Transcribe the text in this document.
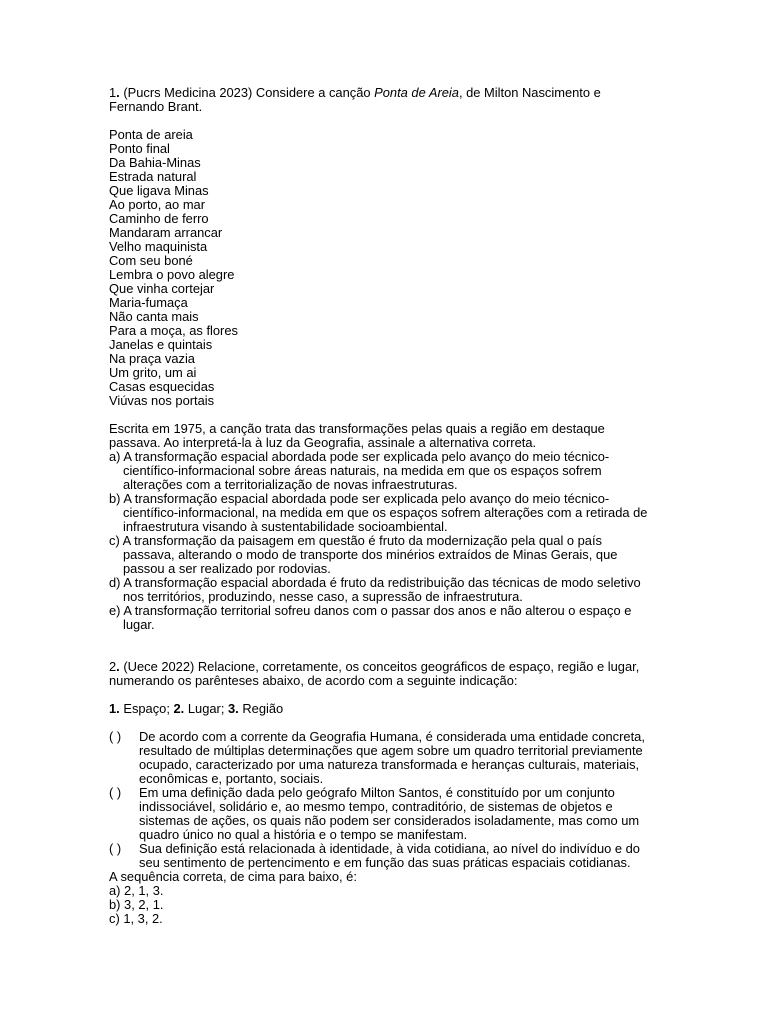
1. (Pucrs Medicina 2023) Considere a canção Ponta de Areia, de Milton Nascimento e Fernando Brant.

Ponta de areia
Ponto final
Da Bahia-Minas
Estrada natural
Que ligava Minas
Ao porto, ao mar
Caminho de ferro
Mandaram arrancar
Velho maquinista
Com seu boné
Lembra o povo alegre
Que vinha cortejar
Maria-fumaça
Não canta mais
Para a moça, as flores
Janelas e quintais
Na praça vazia
Um grito, um ai
Casas esquecidas
Viúvas nos portais

Escrita em 1975, a canção trata das transformações pelas quais a região em destaque passava. Ao interpretá-la à luz da Geografia, assinale a alternativa correta.

a) A transformação espacial abordada pode ser explicada pelo avanço do meio técnico-científico-informacional sobre áreas naturais, na medida em que os espaços sofrem alterações com a territorialização de novas infraestruturas.

b) A transformação espacial abordada pode ser explicada pelo avanço do meio técnico-científico-informacional, na medida em que os espaços sofrem alterações com a retirada de infraestrutura visando à sustentabilidade socioambiental.

c) A transformação da paisagem em questão é fruto da modernização pela qual o país passava, alterando o modo de transporte dos minérios extraídos de Minas Gerais, que passou a ser realizado por rodovias.

d) A transformação espacial abordada é fruto da redistribuição das técnicas de modo seletivo nos territórios, produzindo, nesse caso, a supressão de infraestrutura.

e) A transformação territorial sofreu danos com o passar dos anos e não alterou o espaço e lugar.

2. (Uece 2022) Relacione, corretamente, os conceitos geográficos de espaço, região e lugar, numerando os parênteses abaixo, de acordo com a seguinte indicação:

1. Espaço; 2. Lugar; 3. Região

( ) De acordo com a corrente da Geografia Humana, é considerada uma entidade concreta, resultado de múltiplas determinações que agem sobre um quadro territorial previamente ocupado, caracterizado por uma natureza transformada e heranças culturais, materiais, econômicas e, portanto, sociais.

( ) Em uma definição dada pelo geógrafo Milton Santos, é constituído por um conjunto indissociável, solidário e, ao mesmo tempo, contraditório, de sistemas de objetos e sistemas de ações, os quais não podem ser considerados isoladamente, mas como um quadro único no qual a história e o tempo se manifestam.

( ) Sua definição está relacionada à identidade, à vida cotidiana, ao nível do indivíduo e do seu sentimento de pertencimento e em função das suas práticas espaciais cotidianas.

A sequência correta, de cima para baixo, é:

a) 2, 1, 3.

b) 3, 2, 1.

c) 1, 3, 2.
